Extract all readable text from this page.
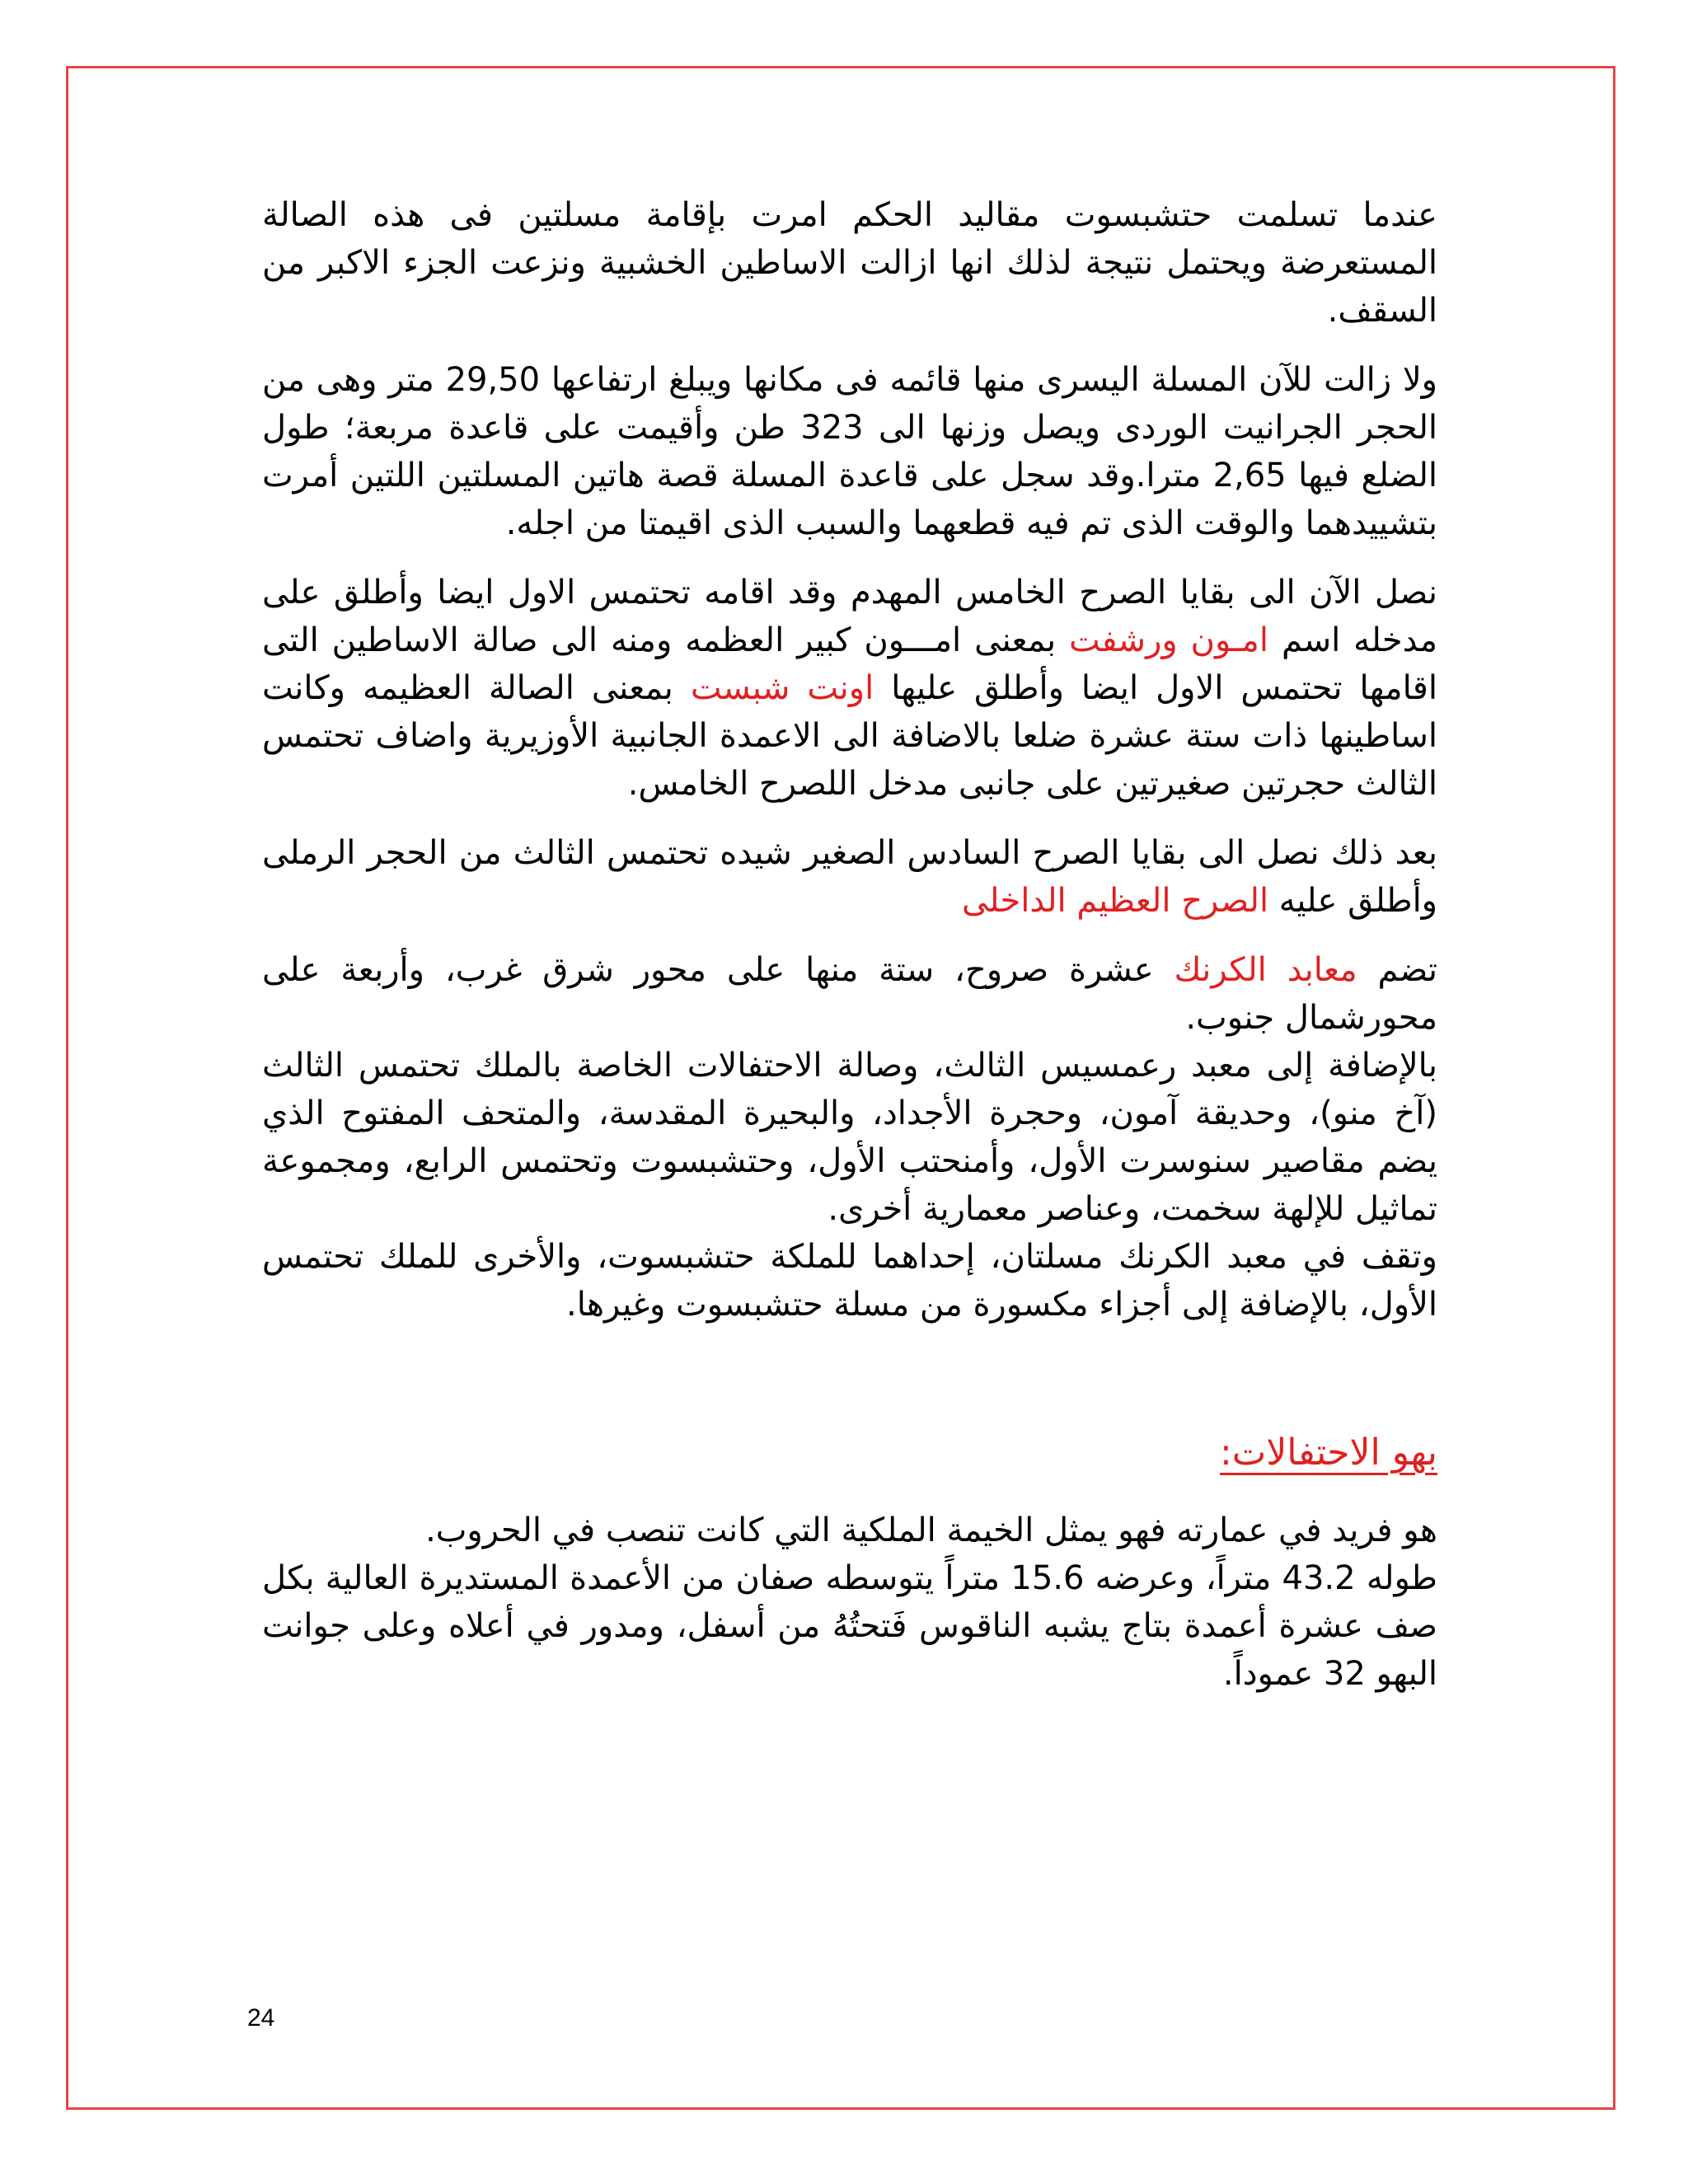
عندما تسلمت حتشبسوت مقاليد الحكم امرت بإقامة مسلتين فى هذه الصالة المستعرضة ويحتمل نتيجة لذلك انها ازالت الاساطين الخشبية ونزعت الجزء الاكبر من السقف.

ولا زالت للآن المسلة اليسرى منها قائمه فى مكانها ويبلغ ارتفاعها 29,50 متر وهى من الحجر الجرانيت الوردى ويصل وزنها الى 323 طن وأقيمت على قاعدة مربعة؛ طول الضلع فيها 2,65 مترا.وقد سجل على قاعدة المسلة قصة هاتين المسلتين اللتين أمرت بتشييدهما والوقت الذى تم فيه قطعهما والسبب الذى اقيمتا من اجله.

نصل الآن الى بقايا الصرح الخامس المهدم وقد اقامه تحتمس الاول ايضا وأطلق على مدخله اسم امـون ورشفت بمعنى امـــون كبير العظمه ومنه الى صالة الاساطين التى اقامها تحتمس الاول ايضا وأطلق عليها اونت شبست بمعنى الصالة العظيمه وكانت اساطينها ذات ستة عشرة ضلعا بالاضافة الى الاعمدة الجانبية الأوزيرية واضاف تحتمس الثالث حجرتين صغيرتين على جانبى مدخل اللصرح الخامس.

بعد ذلك نصل الى بقايا الصرح السادس الصغير شيده تحتمس الثالث من الحجر الرملى وأطلق عليه الصرح العظيم الداخلى

تضم معابد الكرنك عشرة صروح، ستة منها على محور شرق غرب، وأربعة على محورشمال جنوب.

بالإضافة إلى معبد رعمسيس الثالث، وصالة الاحتفالات الخاصة بالملك تحتمس الثالث (آخ منو)، وحديقة آمون، وحجرة الأجداد، والبحيرة المقدسة، والمتحف المفتوح الذي يضم مقاصير سنوسرت الأول، وأمنحتب الأول، وحتشبسوت وتحتمس الرابع، ومجموعة تماثيل للإلهة سخمت، وعناصر معمارية أخرى.

وتقف في معبد الكرنك مسلتان، إحداهما للملكة حتشبسوت، والأخرى للملك تحتمس الأول، بالإضافة إلى أجزاء مكسورة من مسلة حتشبسوت وغيرها.

بهو الاحتفالات:

هو فريد في عمارته فهو يمثل الخيمة الملكية التي كانت تنصب في الحروب.

طوله 43.2 متراً، وعرضه 15.6 متراً يتوسطه صفان من الأعمدة المستديرة العالية بكل صف عشرة أعمدة بتاج يشبه الناقوس فَتحتُهُ من أسفل، ومدور في أعلاه وعلى جوانت البهو 32 عموداً.

24
